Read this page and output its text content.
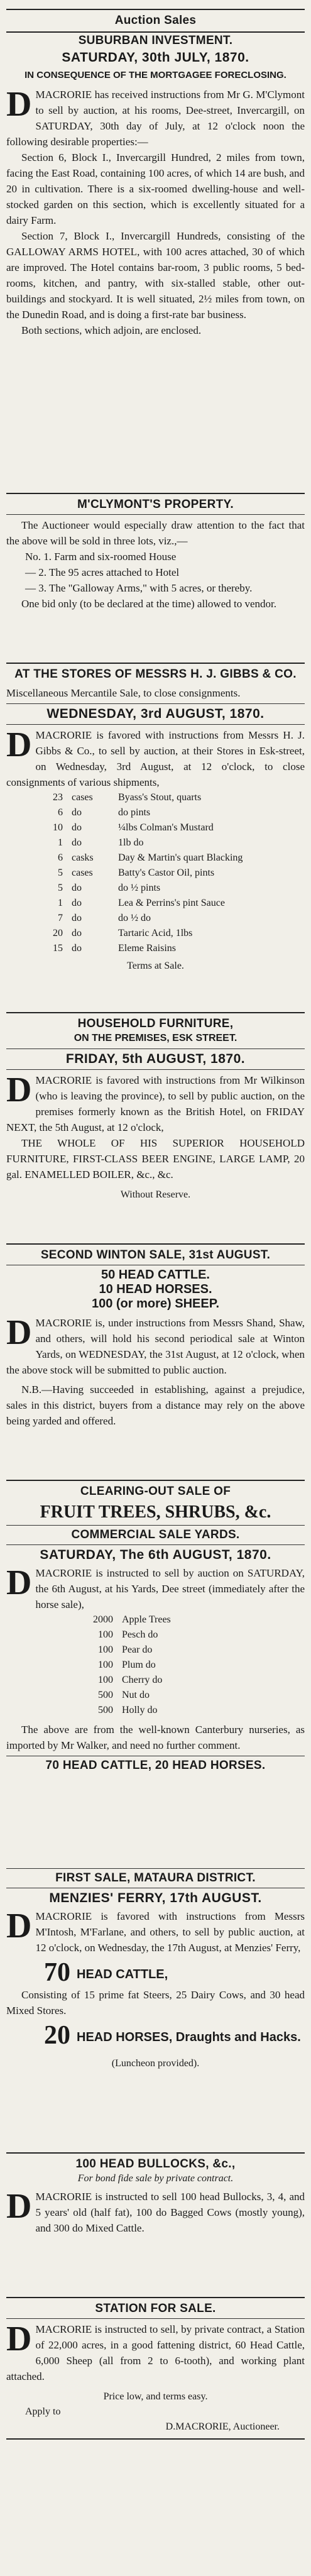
Auction Sales
SUBURBAN INVESTMENT.
SATURDAY, 30th JULY, 1870.
IN CONSEQUENCE OF THE MORTGAGEE FORECLOSING.
DMACRORIE has received instructions from Mr G. M'Clymont to sell by auction, at his rooms, Dee-street, Invercargill, on SATURDAY, 30th day of July, at 12 o'clock noon the following desirable properties:—
Section 6, Block I., Invercargill Hundred, 2 miles from town, facing the East Road, containing 100 acres, of which 14 are bush, and 20 in cultivation. There is a six-roomed dwelling-house and well-stocked garden on this section, which is excellently situated for a dairy Farm.
Section 7, Block I., Invercargill Hundreds, consisting of the GALLOWAY ARMS HOTEL, with 100 acres attached, 30 of which are improved. The Hotel contains bar-room, 3 public rooms, 5 bed-rooms, kitchen, and pantry, with six-stalled stable, other out-buildings and stockyard. It is well situated, 2½ miles from town, on the Dunedin Road, and is doing a first-rate bar business.
Both sections, which adjoin, are enclosed.
M'CLYMONT'S PROPERTY.
The Auctioneer would especially draw attention to the fact that the above will be sold in three lots, viz.,—
No. 1. Farm and six-roomed House
— 2. The 95 acres attached to Hotel
— 3. The "Galloway Arms," with 5 acres, or thereby.
One bid only (to be declared at the time) allowed to vendor.
AT THE STORES OF MESSRS H. J. GIBBS & CO.
Miscellaneous Mercantile Sale, to close consignments.
WEDNESDAY, 3rd AUGUST, 1870.
DMACRORIE is favored with instructions from Messrs H. J. Gibbs & Co., to sell by auction, at their Stores in Esk-street, on Wednesday, 3rd August, at 12 o'clock, to close consignments of various shipments,
23 cases	Byass's Stout, quarts
6 do	do pints
10 do	¼lbs Colman's Mustard
1 do	1lb do
6 casks	Day & Martin's quart Blacking
5 cases	Batty's Castor Oil, pints
5 do	do ½ pints
1 do	Lea & Perrins's pint Sauce
7 do	do ½ do
20 do	Tartaric Acid, 1lbs
15 do	Eleme Raisins
Terms at Sale.
HOUSEHOLD FURNITURE,
ON THE PREMISES, ESK STREET.
FRIDAY, 5th AUGUST, 1870.
DMACRORIE is favored with instructions from Mr Wilkinson (who is leaving the province), to sell by public auction, on the premises formerly known as the British Hotel, on FRIDAY NEXT, the 5th August, at 12 o'clock,
THE WHOLE OF HIS SUPERIOR HOUSEHOLD FURNITURE, FIRST-CLASS BEER ENGINE, LARGE LAMP, 20 gal. ENAMELLED BOILER, &c., &c.
Without Reserve.
SECOND WINTON SALE, 31st AUGUST.
50 HEAD CATTLE.
10 HEAD HORSES.
100 (or more) SHEEP.
DMACRORIE is, under instructions from Messrs Shand, Shaw, and others, will hold his second periodical sale at Winton Yards, on WEDNESDAY, the 31st August, at 12 o'clock, when the above stock will be submitted to public auction.
N.B.—Having succeeded in establishing, against a prejudice, sales in this district, buyers from a distance may rely on the above being yarded and offered.
CLEARING-OUT SALE OF
FRUIT TREES, SHRUBS, &c.
COMMERCIAL SALE YARDS.
SATURDAY, The 6th AUGUST, 1870.
DMACRORIE is instructed to sell by auction on SATURDAY, the 6th August, at his Yards, Dee street (immediately after the horse sale),
2000 Apple Trees
100 Pesch do
100 Pear do
100 Plum do
100 Cherry do
500 Nut do
500 Holly do
The above are from the well-known Canterbury nurseries, as imported by Mr Walker, and need no further comment.
70 HEAD CATTLE, 20 HEAD HORSES.
FIRST SALE, MATAURA DISTRICT.
MENZIES' FERRY, 17th AUGUST.
DMACRORIE is favored with instructions from Messrs M'Intosh, M'Farlane, and others, to sell by public auction, at 12 o'clock, on Wednesday, the 17th August, at Menzies' Ferry,
70 HEAD CATTLE,
Consisting of 15 prime fat Steers, 25 Dairy Cows, and 30 head Mixed Stores.
20 HEAD HORSES, Draughts and Hacks.
(Luncheon provided).
100 HEAD BULLOCKS, &c.,
For bond fide sale by private contract.
DMACRORIE is instructed to sell 100 head Bullocks, 3, 4, and 5 years' old (half fat), 100 do Bagged Cows (mostly young), and 300 do Mixed Cattle.
STATION FOR SALE.
DMACRORIE is instructed to sell, by private contract, a Station of 22,000 acres, in a good fattening district, 60 Head Cattle, 6,000 Sheep (all from 2 to 6-tooth), and working plant attached.
Price low, and terms easy.
Apply to
D.MACRORIE, Auctioneer.
